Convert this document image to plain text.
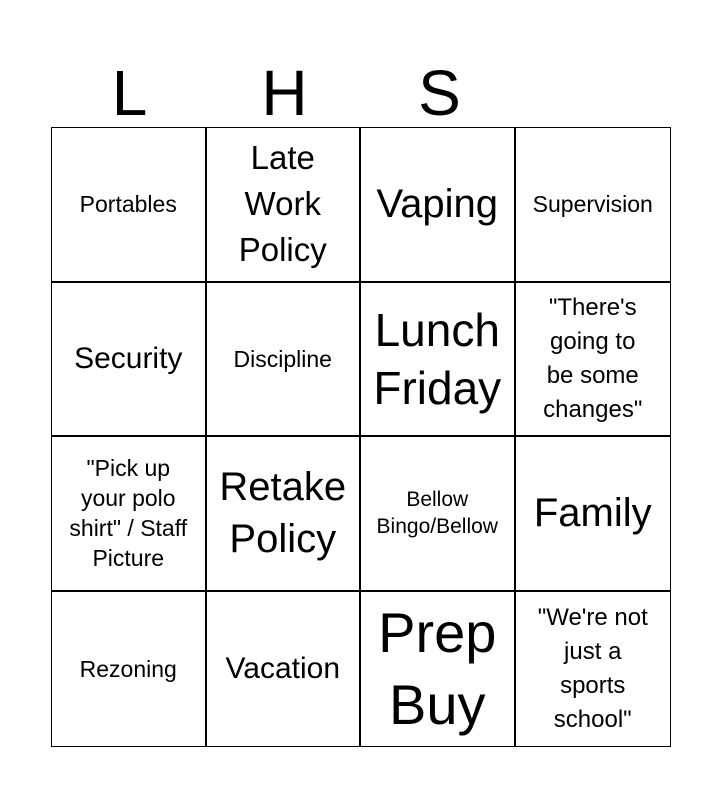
L	H	S
Portables
Late
Work
Policy
Vaping Supervision
Security Discipline
Lunch
Friday
"There's
going to
be some
changes"
"Pick up
your polo
shirt" / Staff
Picture
Retake
Policy
Bellow
Bingo/Bellow Family
Rezoning Vacation
Prep
Buy
"We're not
just a
sports
school"
